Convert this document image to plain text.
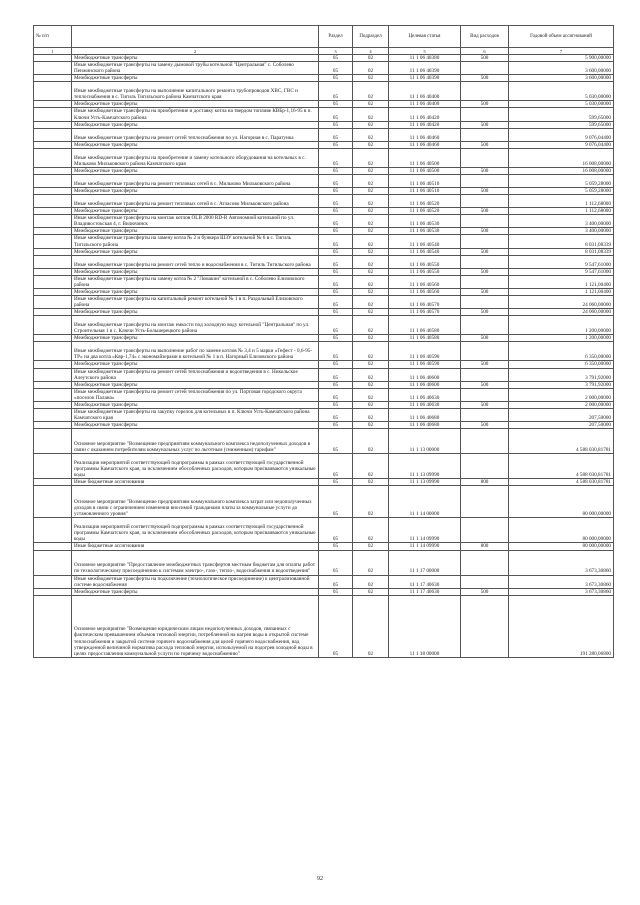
№ п/п		Раздел	Подраздел	Целевая статья	Вид расходов	Годовой объем ассигнований
1	2	3	4	5	6	7
	Межбюджетные трансферты	05	02	11 1 06 40380	500	5 900,00000
	Иные межбюджетные трансферты на замену дымовой трубы котельной "Центральная" с. Соболево Пенжинского района	05	02	11 1 06 40390		3 600,00000
	Межбюджетные трансферты	05	02	11 1 06 40390	500	3 600,00000
	Иные межбюджетные трансферты на выполнение капитального ремонта трубопроводов ХВС, ГВС и теплоснабжения в с. Тигиль Тигильского района Камчатского края	05	02	11 1 06 40400		5 030,00000
	Межбюджетные трансферты	05	02	11 1 06 40400	500	5 030,00000
	Иные межбюджетные трансферты на приобретение и доставку котла на твердом топливе КВБр-1,16-95 в п. Ключи Усть-Камчатского района	05	02	11 1 06 40420		599,65000
	Межбюджетные трансферты	05	02	11 1 06 40420	500	599,65000
	Иные межбюджетные трансферты на ремонт сетей теплоснабжения по ул. Нагорная в с. Паратунка	05	02	11 1 06 40460		9 076,04400
	Межбюджетные трансферты	05	02	11 1 06 40460	500	9 076,04400
	Иные межбюджетные трансферты на приобретение и замену котельного оборудования на котельных в с. Мильково Мильковского района Камчатского края	05	02	11 1 06 40500		16 008,00000
	Межбюджетные трансферты	05	02	11 1 06 40500	500	16 008,00000
	Иные межбюджетные трансферты на ремонт тепловых сетей в с. Мильково Мильковского района	05	02	11 1 06 40510		5 059,28000
	Межбюджетные трансферты	05	02	11 1 06 40510	500	5 059,28000
	Иные межбюджетные трансферты на ремонт тепловых сетей в с. Атласово Мильковского района	05	02	11 1 06 40520		1 112,68000
	Межбюджетные трансферты	05	02	11 1 06 40520	500	1 112,68000
	Иные межбюджетные трансферты на монтаж котлов OLB 2000 RD-R Автономной котельной по ул. Владивостокская 4, г. Вилючинск	05	02	11 1 06 40530		3 400,00000
	Межбюджетные трансферты	05	02	11 1 06 40530	500	3 400,00000
	Иные межбюджетные трансферты на замену котла № 2 и бункера ШЗУ котельной № 6 в с. Тигиль Тигильского района	05	02	11 1 06 40540		8 031,08339
	Межбюджетные трансферты	05	02	11 1 06 40540	500	8 031,08339
	Иные межбюджетные трансферты на ремонт сетей тепло и водоснабжения в с. Тигиль Тигильского района	05	02	11 1 06 40550		9 547,61000
	Межбюджетные трансферты	05	02	11 1 06 40550	500	9 547,61000
	Иные межбюджетные трансферты на замену котла № 2 "Ломакин" котельной в с. Соболево Елизовского района	05	02	11 1 06 40560		1 121,00400
	Межбюджетные трансферты	05	02	11 1 06 40560	500	1 121,00400
	Иные межбюджетные трансферты на капитальный ремонт котельной № 1 в п. Раздольный Елизовского района	05	02	11 1 06 40570		24 060,00000
	Межбюджетные трансферты	05	02	11 1 06 40570	500	24 060,00000
	Иные межбюджетные трансферты на монтаж емкости под холодную воду котельной "Центральная" по ул. Строительная 1 в с. Ключи Усть-Большерецкого района	05	02	11 1 06 40580		1 200,00000
	Межбюджетные трансферты	05	02	11 1 06 40580	500	1 200,00000
	Иные межбюджетные трансферты на выполнение работ по замене котлов № 3,4 и 5 марки «Гефест - 0,6-95-ТР» на два котла «Квр-1,74» с экономайзерами в котельной № 1 в п. Нагорный Елизовского района	05	02	11 1 06 40590		6 350,00000
	Межбюджетные трансферты	05	02	11 1 06 40590	500	6 350,00000
	Иные межбюджетные трансферты на ремонт сетей теплоснабжения и водоотведения в с. Никольское Алеутского района	05	02	11 1 06 40600		3 791,92000
	Межбюджетные трансферты	05	02	11 1 06 40600	500	3 791,92000
	Иные межбюджетные трансферты на ремонт сетей теплоснабжения по ул. Портовая городского округа «поселок Палана»	05	02	11 1 06 40630		2 000,00000
	Межбюджетные трансферты	05	02	11 1 06 40630	500	2 000,00000
	Иные межбюджетные трансферты на закупку горелок для котельных в п. Ключи Усть-Камчатского района Камчатского края	05	02	11 1 06 40680		207,50000
	Межбюджетные трансферты	05	02	11 1 06 40680	500	207,50000
	Основное мероприятие "Возмещение предприятиям коммунального комплекса недополученных доходов в связи с оказанием потребителям коммунальных услуг по льготным (сниженным) тарифам"	05	02	11 1 13 00000		4 588 030,81781
	Реализация мероприятий соответствующей подпрограммы в рамках соответствующей государственной программы Камчатского края, за исключением обособленных расходов, которым присваиваются уникальные коды	05	02	11 1 13 09990		4 588 030,81781
	Иные бюджетные ассигнования	05	02	11 1 13 09990	800	4 588 030,81781
	Основное мероприятие "Возмещение предприятиям коммунального комплекса затрат или недополученных доходов в связи с ограничением изменения вносимой гражданами платы за коммунальные услуги до установленного уровня"	05	02	11 1 14 00000		80 000,00000
	Реализация мероприятий соответствующей подпрограммы в рамках соответствующей государственной программы Камчатского края, за исключением обособленных расходов, которым присваиваются уникальные коды	05	02	11 1 14 09990		80 000,00000
	Иные бюджетные ассигнования	05	02	11 1 14 09990	800	80 000,00000
	Основное мероприятие "Предоставление межбюджетных трансфертов местным бюджетам для оплаты работ по технологическому присоединению к системам электро-, газо-, тепло-, водоснабжения и водоотведения"	05	02	11 1 17 00000		3 673,30860
	Иные межбюджетные трансферты на подключение (технологическое присоединение) к централизованной системе водоснабжения	05	02	11 1 17 40630		3 673,30860
	Межбюджетные трансферты	05	02	11 1 17 40630	500	3 673,30860
	Основное мероприятие "Возмещение юридическим лицам недополученных доходов, связанных с фактическим превышением объемов тепловой энергии, потребленной на нагрев воды в открытой системе теплоснабжения и закрытой системе горячего водоснабжения для целей горячего водоснабжения, над утвержденной величиной норматива расхода тепловой энергии, используемой на подогрев холодной воды в целях предоставления коммунальной услуги по горячему водоснабжению"	05	02	11 1 18 00000		191 280,06800
92
